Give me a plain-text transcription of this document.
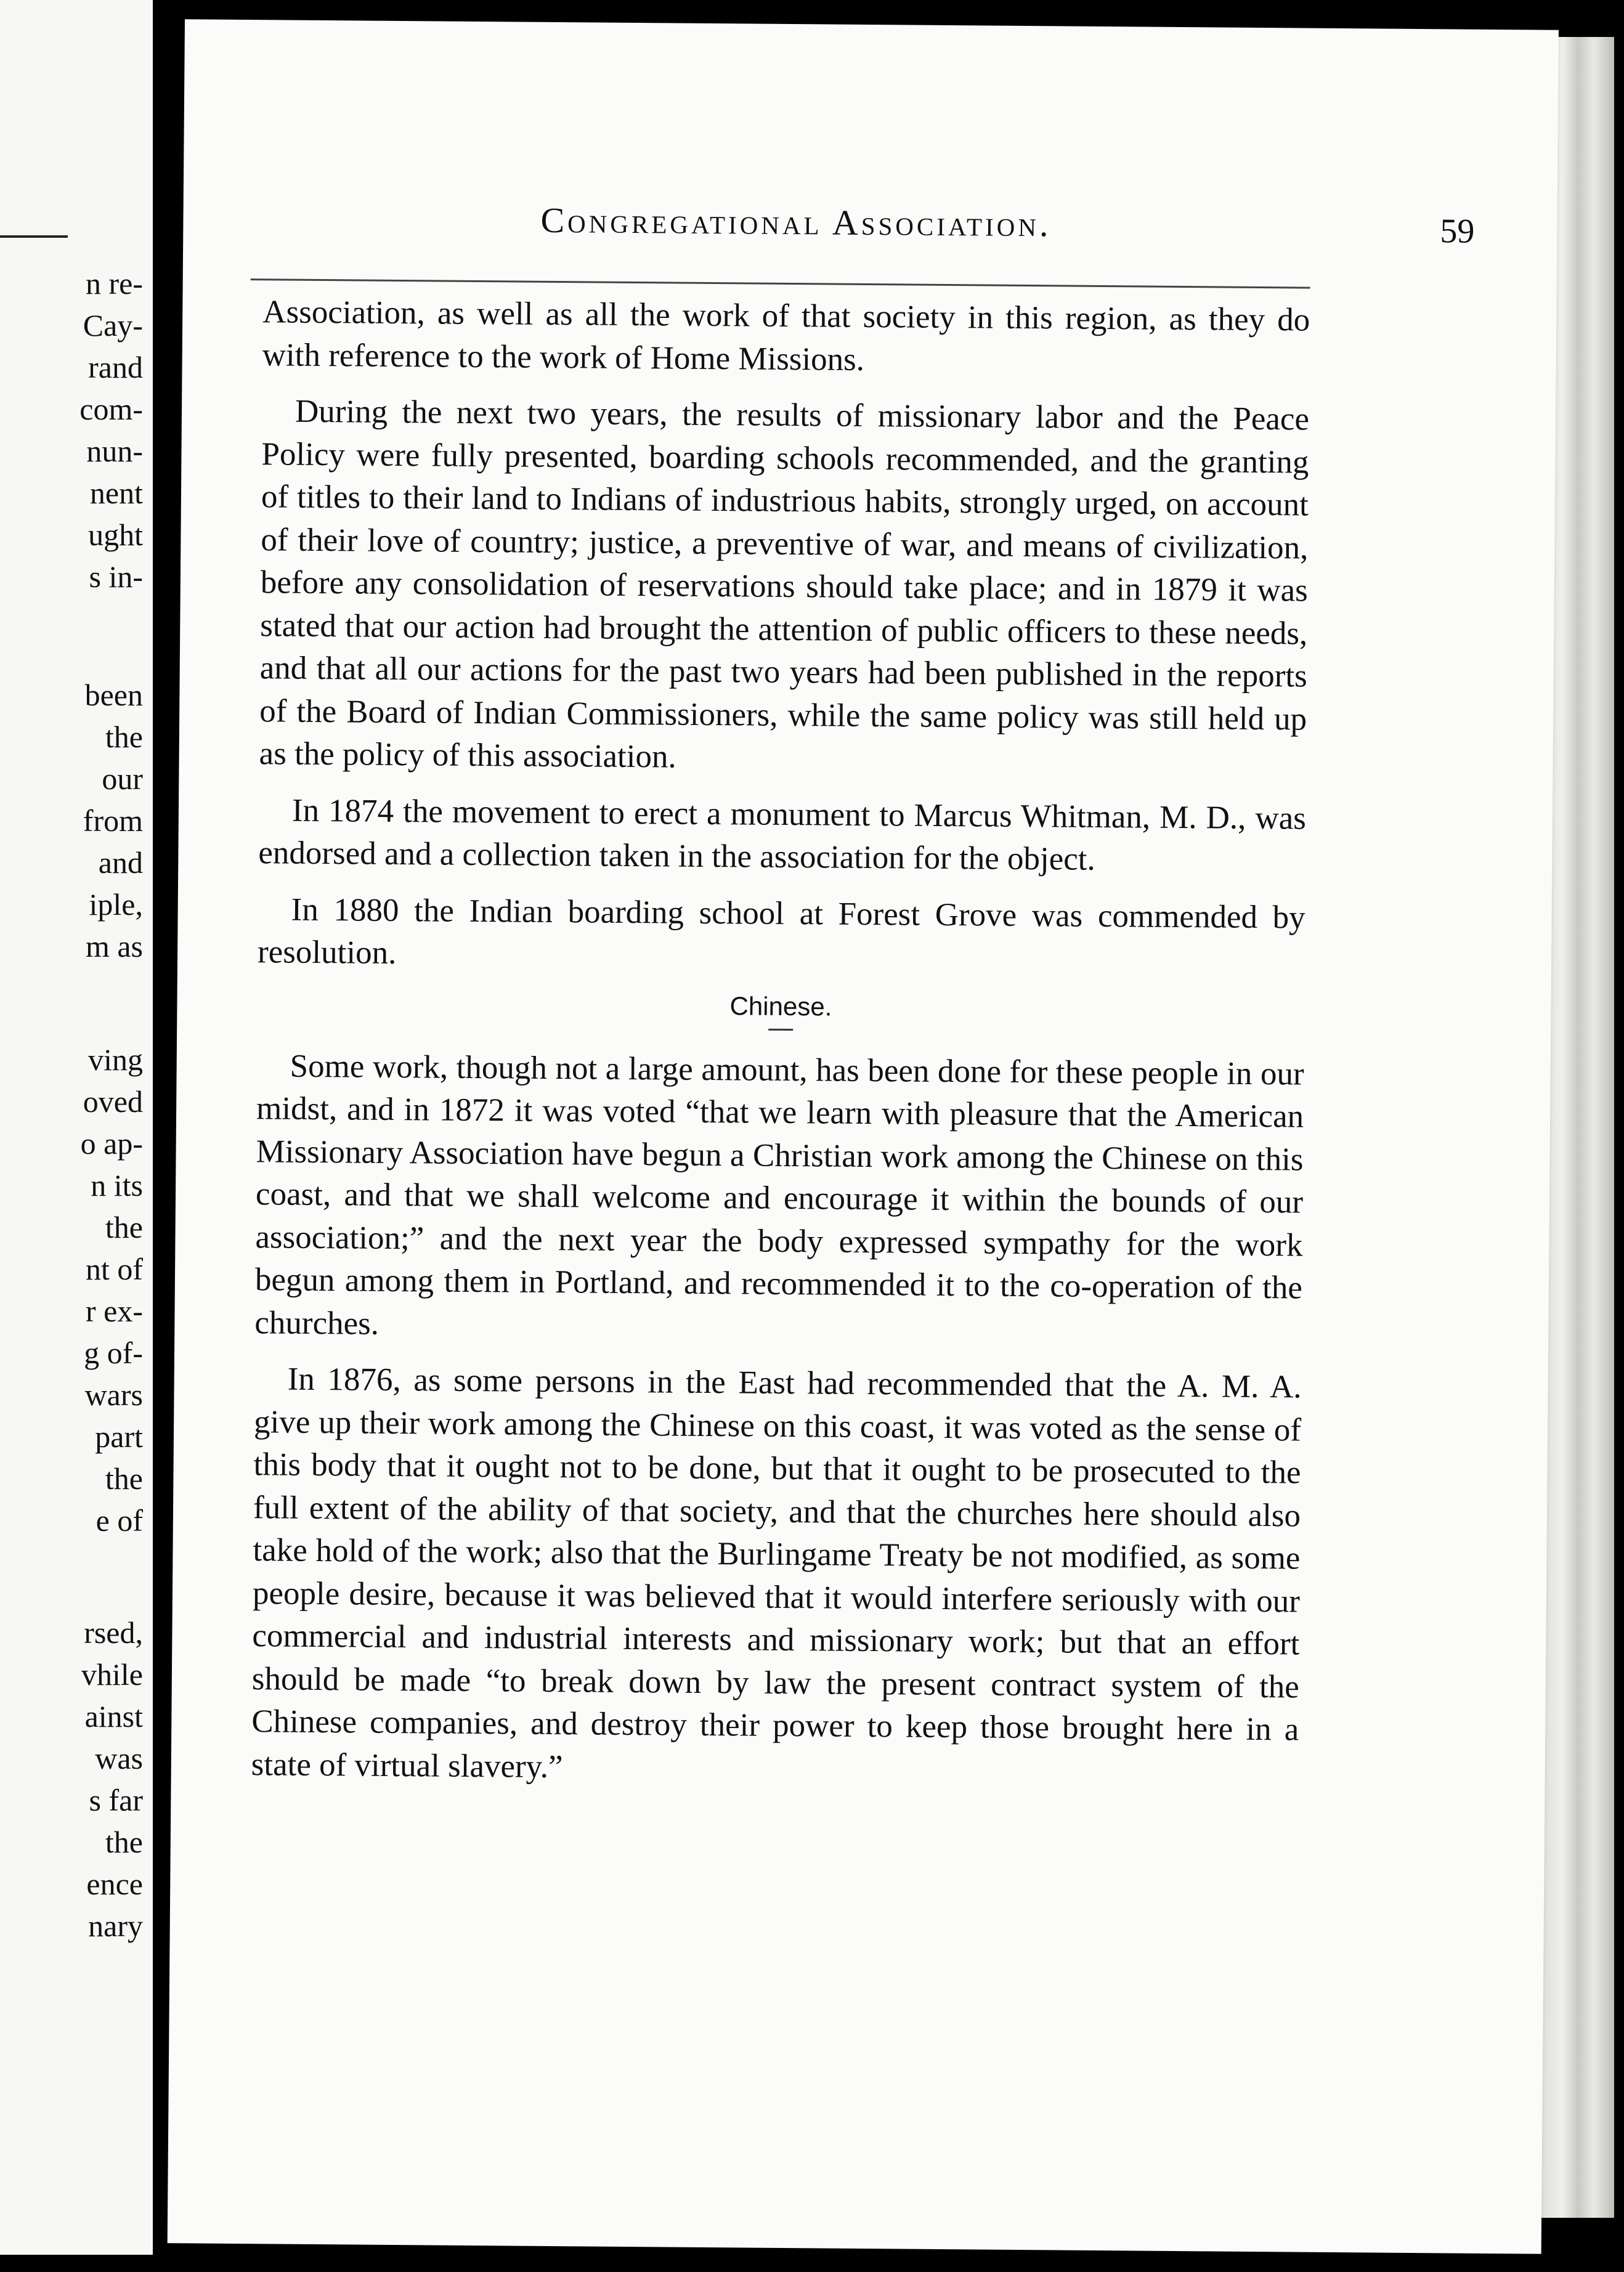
n re-
Cay-
rand
com-
nun-
nent
ught
s in-
been
the
our
from
and
iple,
m as
ving
oved
o ap-
n its
the
nt of
r ex-
g of-
wars
part
the
e of
rsed,
vhile
ainst
was
s far
the
ence
nary
Congregational Association.	59

Association, as well as all the work of that society in this region, as they do with reference to the work of Home Missions.

During the next two years, the results of missionary labor and the Peace Policy were fully presented, boarding schools recommended, and the granting of titles to their land to Indians of industrious habits, strongly urged, on account of their love of country; justice, a preventive of war, and means of civilization, before any consolidation of reservations should take place; and in 1879 it was stated that our action had brought the attention of public officers to these needs, and that all our actions for the past two years had been published in the reports of the Board of Indian Commissioners, while the same policy was still held up as the policy of this association.

In 1874 the movement to erect a monument to Marcus Whitman, M. D., was endorsed and a collection taken in the association for the object.

In 1880 the Indian boarding school at Forest Grove was commended by resolution.

Chinese.

Some work, though not a large amount, has been done for these people in our midst, and in 1872 it was voted “that we learn with pleasure that the American Missionary Association have begun a Christian work among the Chinese on this coast, and that we shall welcome and encourage it within the bounds of our association;” and the next year the body expressed sympathy for the work begun among them in Portland, and recommended it to the co-operation of the churches.

In 1876, as some persons in the East had recommended that the A. M. A. give up their work among the Chinese on this coast, it was voted as the sense of this body that it ought not to be done, but that it ought to be prosecuted to the full extent of the ability of that society, and that the churches here should also take hold of the work; also that the Burlingame Treaty be not modified, as some people desire, because it was believed that it would interfere seriously with our commercial and industrial interests and missionary work; but that an effort should be made “to break down by law the present contract system of the Chinese companies, and destroy their power to keep those brought here in a state of virtual slavery.”
